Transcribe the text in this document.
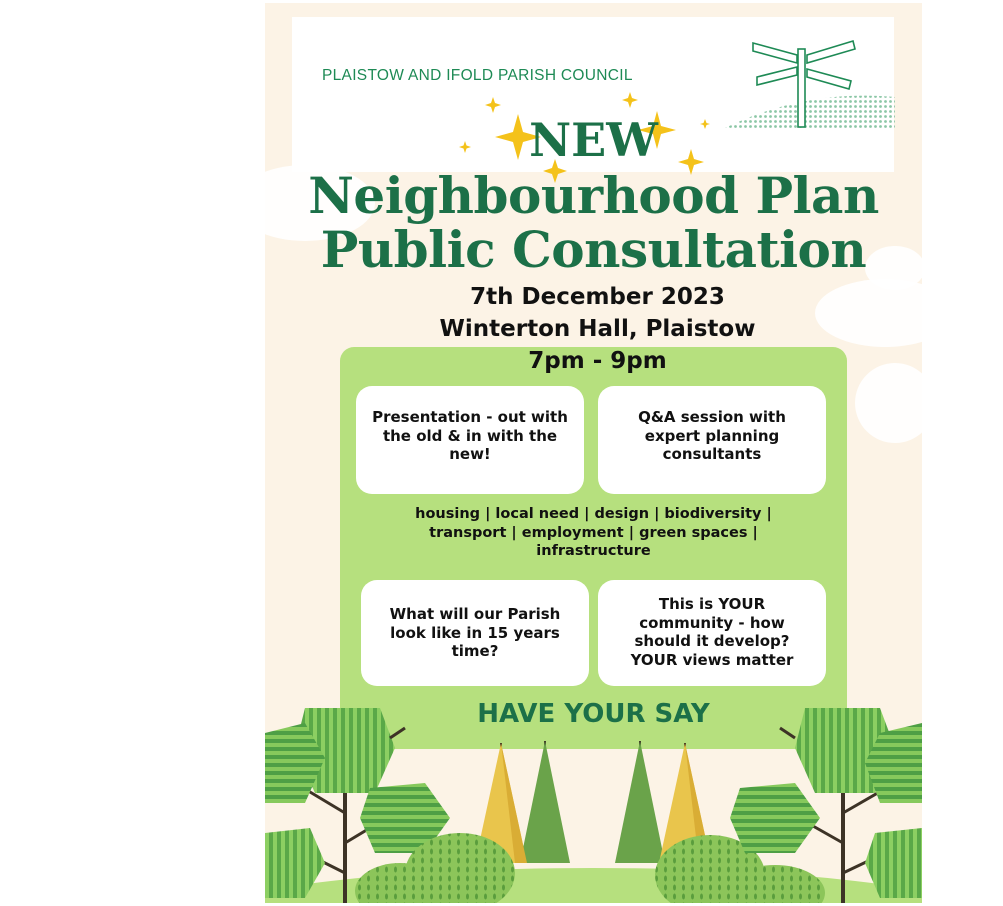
PLAISTOW AND IFOLD PARISH COUNCIL
NEW
Neighbourhood Plan
Public Consultation
7th December 2023
Winterton Hall, Plaistow
7pm - 9pm
Presentation - out with the old & in with the new!
Q&A session with expert planning consultants
housing | local need | design | biodiversity | transport | employment | green spaces | infrastructure
What will our Parish look like in 15 years time?
This is YOUR community - how should it develop? YOUR views matter
HAVE YOUR SAY
